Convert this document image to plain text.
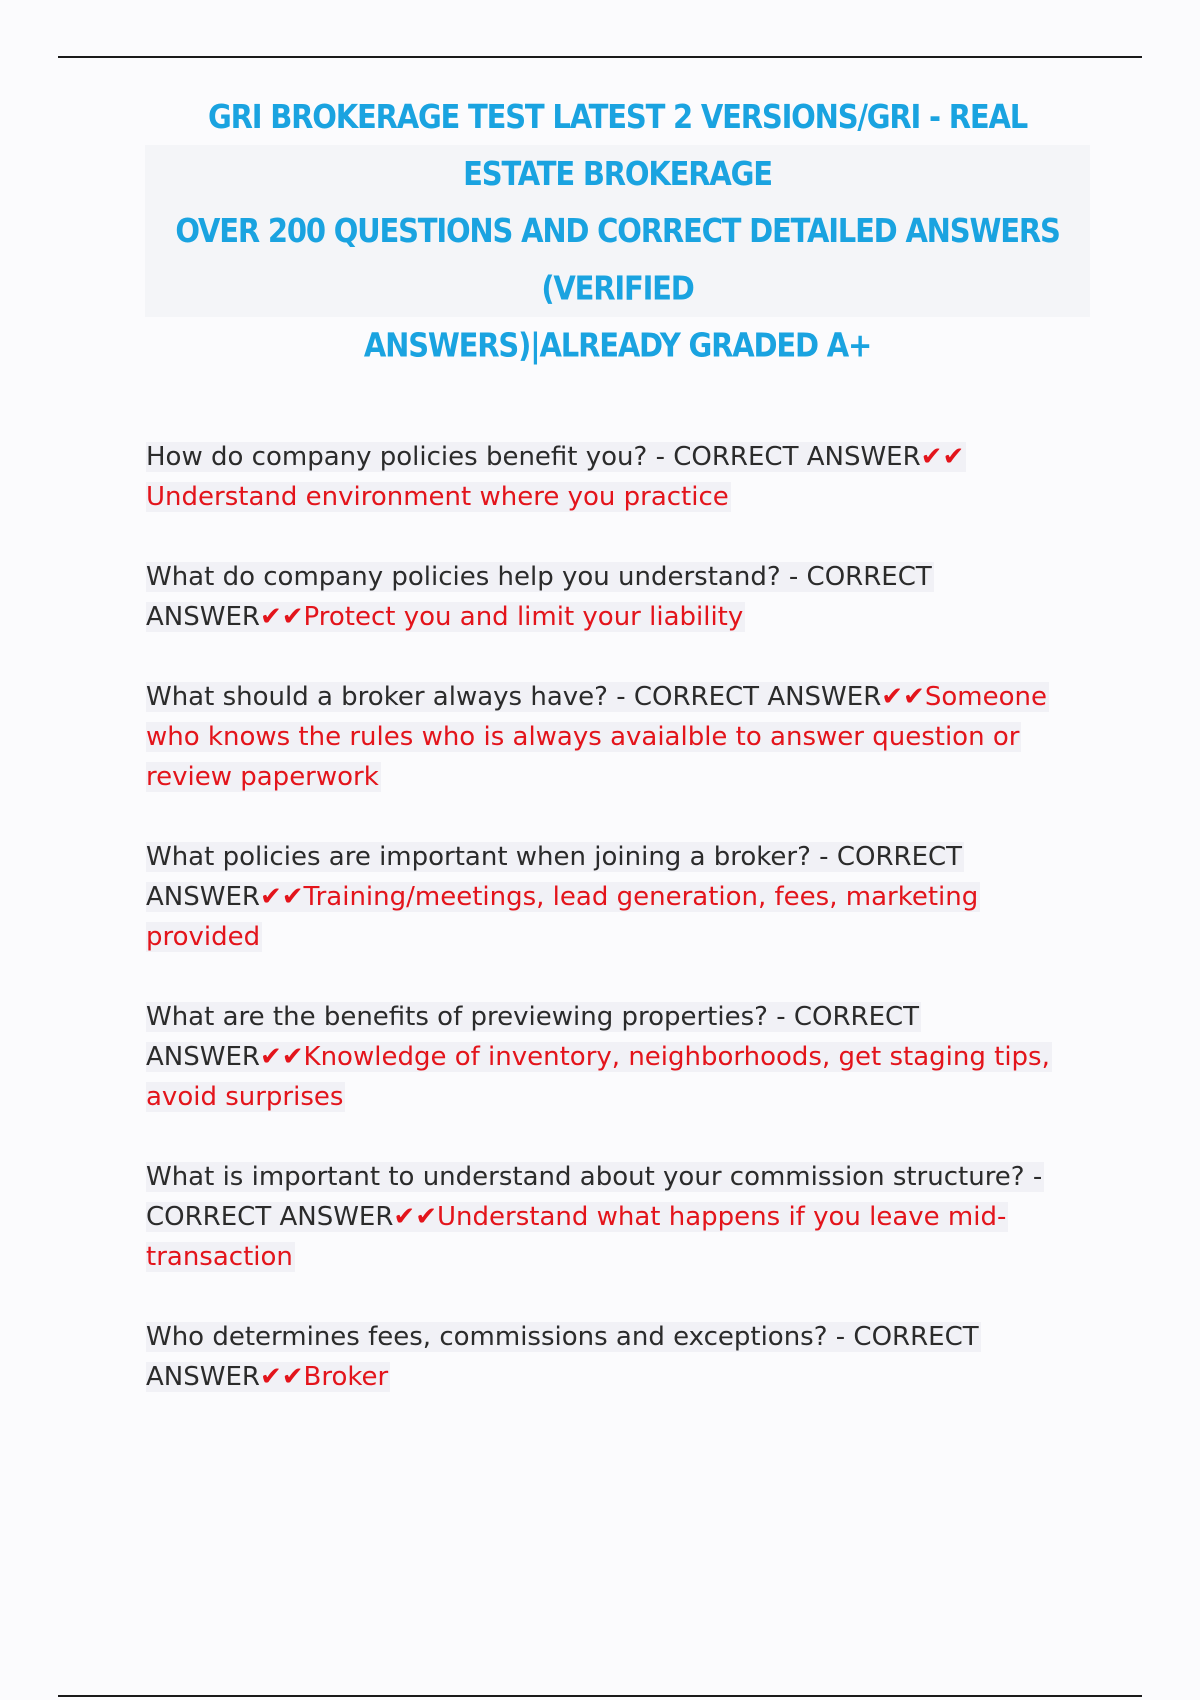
GRI BROKERAGE TEST LATEST 2 VERSIONS/GRI - REAL ESTATE BROKERAGE
OVER 200 QUESTIONS AND CORRECT DETAILED ANSWERS (VERIFIED
ANSWERS)|ALREADY GRADED A+

How do company policies benefit you? - CORRECT ANSWER✔✔
Understand environment where you practice

What do company policies help you understand? - CORRECT ANSWER✔✔Protect you and limit your liability

What should a broker always have? - CORRECT ANSWER✔✔Someone who knows the rules who is always avaialble to answer question or review paperwork

What policies are important when joining a broker? - CORRECT ANSWER✔✔Training/meetings, lead generation, fees, marketing provided

What are the benefits of previewing properties? - CORRECT ANSWER✔✔Knowledge of inventory, neighborhoods, get staging tips, avoid surprises

What is important to understand about your commission structure? - CORRECT ANSWER✔✔Understand what happens if you leave mid-transaction

Who determines fees, commissions and exceptions? - CORRECT ANSWER✔✔Broker
